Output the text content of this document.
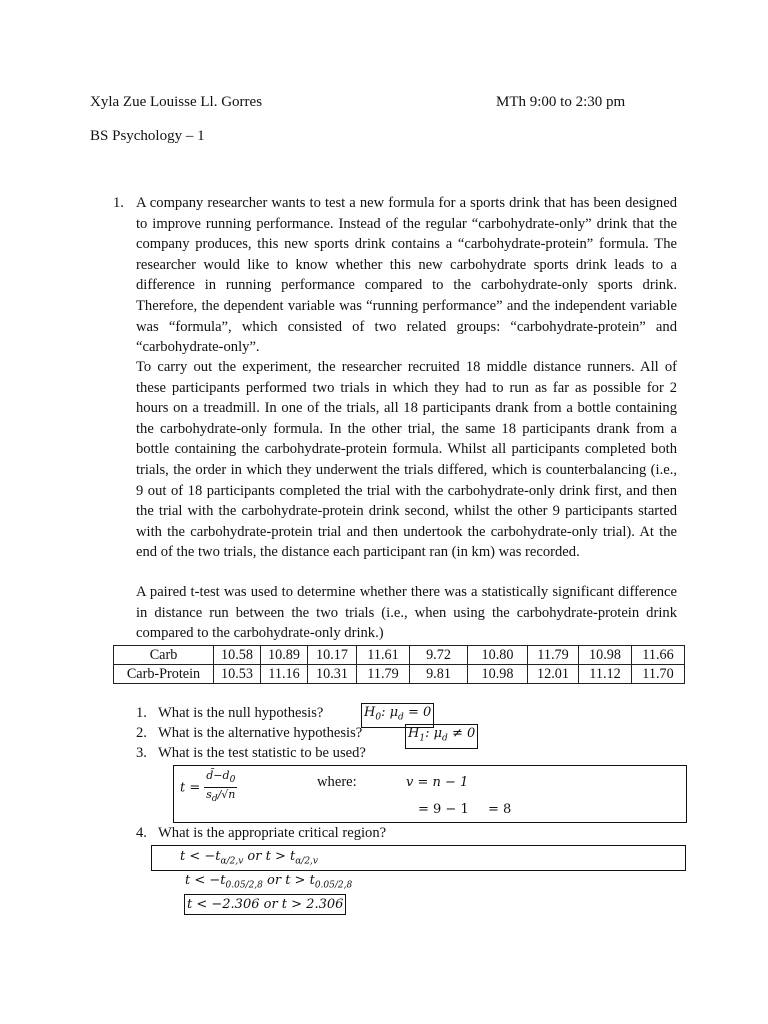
Xyla Zue Louisse Ll. Gorres	MTh 9:00 to 2:30 pm
BS Psychology – 1
1. A company researcher wants to test a new formula for a sports drink that has been designed to improve running performance. Instead of the regular “carbohydrate-only” drink that the company produces, this new sports drink contains a “carbohydrate-protein” formula. The researcher would like to know whether this new carbohydrate sports drink leads to a difference in running performance compared to the carbohydrate-only sports drink. Therefore, the dependent variable was “running performance” and the independent variable was “formula”, which consisted of two related groups: “carbohydrate-protein” and “carbohydrate-only”.
To carry out the experiment, the researcher recruited 18 middle distance runners. All of these participants performed two trials in which they had to run as far as possible for 2 hours on a treadmill. In one of the trials, all 18 participants drank from a bottle containing the carbohydrate-only formula. In the other trial, the same 18 participants drank from a bottle containing the carbohydrate-protein formula. Whilst all participants completed both trials, the order in which they underwent the trials differed, which is counterbalancing (i.e., 9 out of 18 participants completed the trial with the carbohydrate-only drink first, and then the trial with the carbohydrate-protein drink second, whilst the other 9 participants started with the carbohydrate-protein trial and then undertook the carbohydrate-only trial). At the end of the two trials, the distance each participant ran (in km) was recorded.
A paired t-test was used to determine whether there was a statistically significant difference in distance run between the two trials (i.e., when using the carbohydrate-protein drink compared to the carbohydrate-only drink.)
Carb	10.58	10.89	10.17	11.61	9.72	10.80	11.79	10.98	11.66
Carb-Protein	10.53	11.16	10.31	11.79	9.81	10.98	12.01	11.12	11.70
1. What is the null hypothesis?	$H_0$: $\mu_d = 0$
2. What is the alternative hypothesis?	$H_1$: $\mu_d \ne 0$
3. What is the test statistic to be used?
$t = \frac{d̄-d_0}{s_d/√n}$	where:	v = n − 1
= 9 − 1 = 8
4. What is the appropriate critical region?
$t < -t_{\alpha/2,v}$ or $t > t_{\alpha/2,v}$
$t < -t_{0.05/2,8}$ or $t > t_{0.05/2,8}$
t < −2.306 or t > 2.306
